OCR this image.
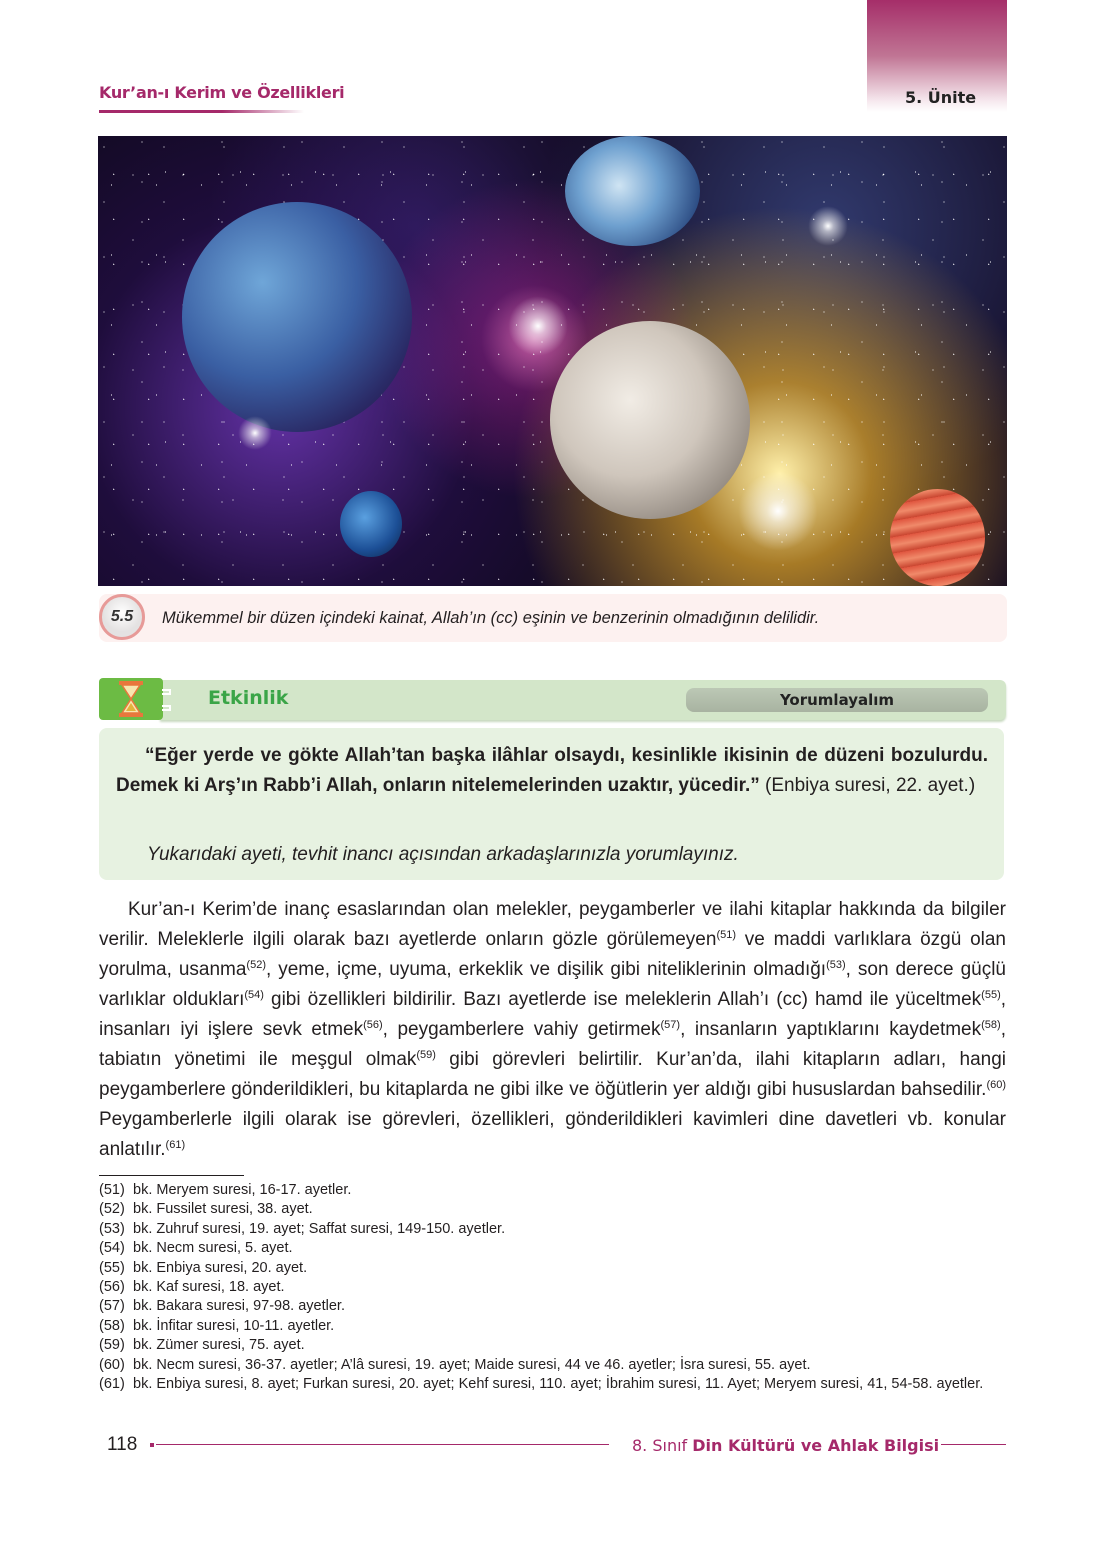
Kur’an-ı Kerim ve Özellikleri	5. Ünite
5.5	Mükemmel bir düzen içindeki kainat, Allah’ın (cc) eşinin ve benzerinin olmadığının delilidir.
Etkinlik	Yorumlayalım
“Eğer yerde ve gökte Allah’tan başka ilâhlar olsaydı, kesinlikle ikisinin de düzeni bozulurdu. Demek ki Arş’ın Rabb’i Allah, onların nitelemelerinden uzaktır, yücedir.” (Enbiya suresi, 22. ayet.)
Yukarıdaki ayeti, tevhit inancı açısından arkadaşlarınızla yorumlayınız.
Kur’an-ı Kerim’de inanç esaslarından olan melekler, peygamberler ve ilahi kitaplar hakkında da bilgiler verilir. Meleklerle ilgili olarak bazı ayetlerde onların gözle görülemeyen$^{(51)}$ ve maddi varlıklara özgü olan yorulma, usanma$^{(52)}$, yeme, içme, uyuma, erkeklik ve dişilik gibi niteliklerinin olmadığı$^{(53)}$, son derece güçlü varlıklar oldukları$^{(54)}$ gibi özellikleri bildirilir. Bazı ayetlerde ise meleklerin Allah’ı (cc) hamd ile yüceltmek$^{(55)}$, insanları iyi işlere sevk etmek$^{(56)}$, peygamberlere vahiy getirmek$^{(57)}$, insanların yaptıklarını kaydetmek$^{(58)}$, tabiatın yönetimi ile meşgul olmak$^{(59)}$ gibi görevleri belirtilir. Kur’an’da, ilahi kitapların adları, hangi peygamberlere gönderildikleri, bu kitaplarda ne gibi ilke ve öğütlerin yer aldığı gibi hususlardan bahsedilir.$^{(60)}$ Peygamberlerle ilgili olarak ise görevleri, özellikleri, gönderildikleri kavimleri dine davetleri vb. konular anlatılır.$^{(61)}$
(51) bk. Meryem suresi, 16-17. ayetler.
(52) bk. Fussilet suresi, 38. ayet.
(53) bk. Zuhruf suresi, 19. ayet; Saffat suresi, 149-150. ayetler.
(54) bk. Necm suresi, 5. ayet.
(55) bk. Enbiya suresi, 20. ayet.
(56) bk. Kaf suresi, 18. ayet.
(57) bk. Bakara suresi, 97-98. ayetler.
(58) bk. İnfitar suresi, 10-11. ayetler.
(59) bk. Zümer suresi, 75. ayet.
(60) bk. Necm suresi, 36-37. ayetler; A’lâ suresi, 19. ayet; Maide suresi, 44 ve 46. ayetler; İsra suresi, 55. ayet.
(61) bk. Enbiya suresi, 8. ayet; Furkan suresi, 20. ayet; Kehf suresi, 110. ayet; İbrahim suresi, 11. Ayet; Meryem suresi, 41, 54-58. ayetler.
118	8. Sınıf Din Kültürü ve Ahlak Bilgisi
